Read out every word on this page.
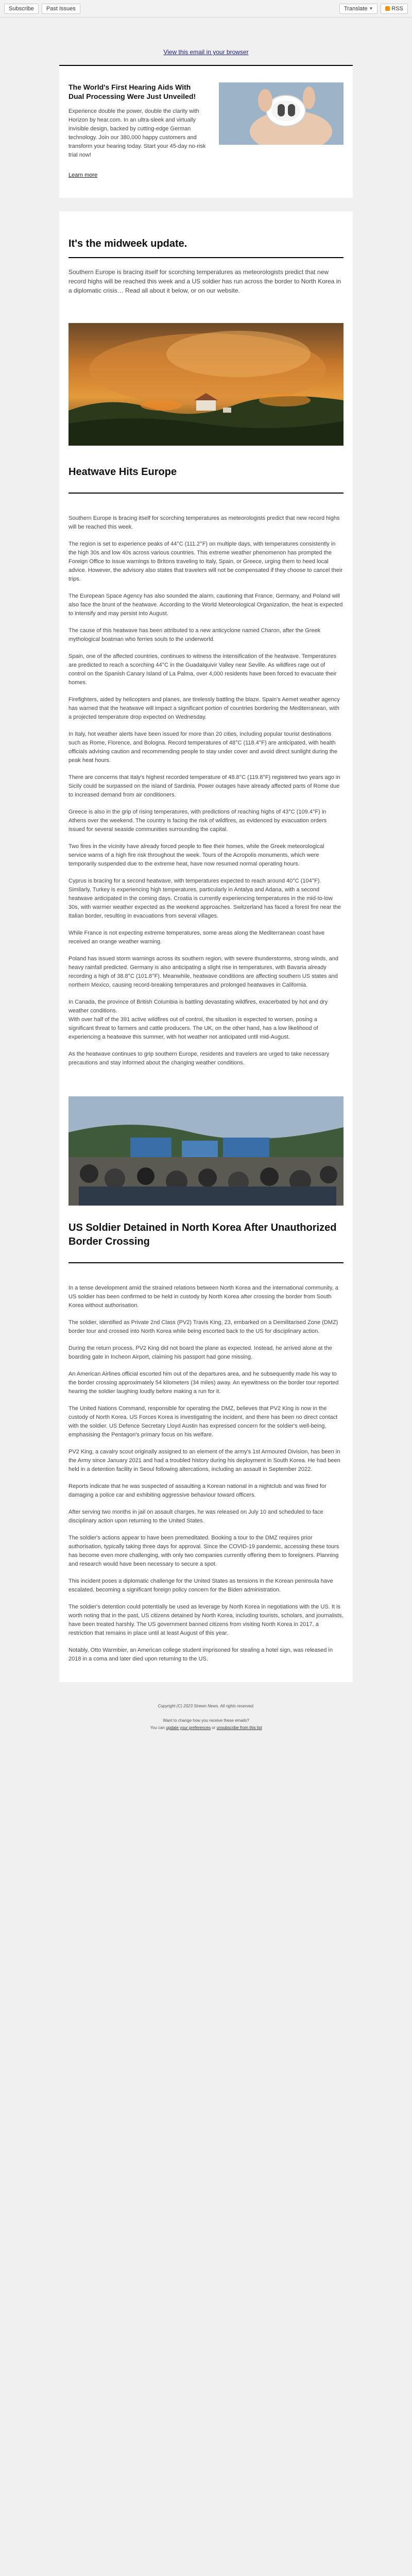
Subscribe	Past Issues	Translate ▼	RSS
View this email in your browser
The World's First Hearing Aids With Dual Processing Were Just Unveiled!
Experience double the power, double the clarity with Horizon by hear.com. In an ultra-sleek and virtually invisible design, backed by cutting-edge German technology. Join our 380,000 happy customers and transform your hearing today. Start your 45-day no-risk trial now!
Learn more
It's the midweek update.
Southern Europe is bracing itself for scorching temperatures as meteorologists predict that new record highs will be reached this week and a US soldier has run across the border to North Korea in a diplomatic crisis… Read all about it below, or on our website.
Heatwave Hits Europe

Southern Europe is bracing itself for scorching temperatures as meteorologists predict that new record highs will be reached this week.

The region is set to experience peaks of 44°C (111.2°F) on multiple days, with temperatures consistently in the high 30s and low 40s across various countries. This extreme weather phenomenon has prompted the Foreign Office to issue warnings to Britons traveling to Italy, Spain, or Greece, urging them to heed local advice. However, the advisory also states that travelers will not be compensated if they choose to cancel their trips.

The European Space Agency has also sounded the alarm, cautioning that France, Germany, and Poland will also face the brunt of the heatwave. According to the World Meteorological Organization, the heat is expected to intensify and may persist into August.

The cause of this heatwave has been attributed to a new anticyclone named Charon, after the Greek mythological boatman who ferries souls to the underworld.

Spain, one of the affected countries, continues to witness the intensification of the heatwave. Temperatures are predicted to reach a scorching 44°C in the Guadalquivir Valley near Seville. As wildfires rage out of control on the Spanish Canary Island of La Palma, over 4,000 residents have been forced to evacuate their homes.

Firefighters, aided by helicopters and planes, are tirelessly battling the blaze. Spain's Aemet weather agency has warned that the heatwave will impact a significant portion of countries bordering the Mediterranean, with a projected temperature drop expected on Wednesday.

In Italy, hot weather alerts have been issued for more than 20 cities, including popular tourist destinations such as Rome, Florence, and Bologna. Record temperatures of 48°C (118.4°F) are anticipated, with health officials advising caution and recommending people to stay under cover and avoid direct sunlight during the peak heat hours.

There are concerns that Italy's highest recorded temperature of 48.8°C (119.8°F) registered two years ago in Sicily could be surpassed on the island of Sardinia. Power outages have already affected parts of Rome due to increased demand from air conditioners.

Greece is also in the grip of rising temperatures, with predictions of reaching highs of 43°C (109.4°F) in Athens over the weekend. The country is facing the risk of wildfires, as evidenced by evacuation orders issued for several seaside communities surrounding the capital.

Two fires in the vicinity have already forced people to flee their homes, while the Greek meteorological service warns of a high fire risk throughout the week. Tours of the Acropolis monuments, which were temporarily suspended due to the extreme heat, have now resumed normal operating hours.

Cyprus is bracing for a second heatwave, with temperatures expected to reach around 40°C (104°F). Similarly, Turkey is experiencing high temperatures, particularly in Antalya and Adana, with a second heatwave anticipated in the coming days. Croatia is currently experiencing temperatures in the mid-to-low 30s, with warmer weather expected as the weekend approaches. Switzerland has faced a forest fire near the Italian border, resulting in evacuations from several villages.

While France is not expecting extreme temperatures, some areas along the Mediterranean coast have received an orange weather warning.

Poland has issued storm warnings across its southern region, with severe thunderstorms, strong winds, and heavy rainfall predicted. Germany is also anticipating a slight rise in temperatures, with Bavaria already recording a high of 38.8°C (101.8°F). Meanwhile, heatwave conditions are affecting southern US states and northern Mexico, causing record-breaking temperatures and prolonged heatwaves in California.

In Canada, the province of British Columbia is battling devastating wildfires, exacerbated by hot and dry weather conditions.
With over half of the 391 active wildfires out of control, the situation is expected to worsen, posing a significant threat to farmers and cattle producers. The UK, on the other hand, has a low likelihood of experiencing a heatwave this summer, with hot weather not anticipated until mid-August.

As the heatwave continues to grip southern Europe, residents and travelers are urged to take necessary precautions and stay informed about the changing weather conditions.

US Soldier Detained in North Korea After Unauthorized Border Crossing

In a tense development amid the strained relations between North Korea and the international community, a US soldier has been confirmed to be held in custody by North Korea after crossing the border from South Korea without authorisation.

The soldier, identified as Private 2nd Class (PV2) Travis King, 23, embarked on a Demilitarised Zone (DMZ) border tour and crossed into North Korea while being escorted back to the US for disciplinary action.

During the return process, PV2 King did not board the plane as expected. Instead, he arrived alone at the boarding gate in Incheon Airport, claiming his passport had gone missing.

An American Airlines official escorted him out of the departures area, and he subsequently made his way to the border crossing approximately 54 kilometers (34 miles) away. An eyewitness on the border tour reported hearing the soldier laughing loudly before making a run for it.

The United Nations Command, responsible for operating the DMZ, believes that PV2 King is now in the custody of North Korea. US Forces Korea is investigating the incident, and there has been no direct contact with the soldier. US Defence Secretary Lloyd Austin has expressed concern for the soldier's well-being, emphasising the Pentagon's primary focus on his welfare.

PV2 King, a cavalry scout originally assigned to an element of the army's 1st Armoured Division, has been in the Army since January 2021 and had a troubled history during his deployment in South Korea. He had been held in a detention facility in Seoul following altercations, including an assault in September 2022.

Reports indicate that he was suspected of assaulting a Korean national in a nightclub and was fined for damaging a police car and exhibiting aggressive behaviour toward officers.

After serving two months in jail on assault charges, he was released on July 10 and scheduled to face disciplinary action upon returning to the United States.

The soldier's actions appear to have been premeditated. Booking a tour to the DMZ requires prior authorisation, typically taking three days for approval. Since the COVID-19 pandemic, accessing these tours has become even more challenging, with only two companies currently offering them to foreigners. Planning and research would have been necessary to secure a spot.

This incident poses a diplomatic challenge for the United States as tensions in the Korean peninsula have escalated, becoming a significant foreign policy concern for the Biden administration.

The soldier's detention could potentially be used as leverage by North Korea in negotiations with the US. It is worth noting that in the past, US citizens detained by North Korea, including tourists, scholars, and journalists, have been treated harshly. The US government banned citizens from visiting North Korea in 2017, a restriction that remains in place until at least August of this year.

Notably, Otto Warmbier, an American college student imprisoned for stealing a hotel sign, was released in 2018 in a coma and later died upon returning to the US.

Copyright (C) 2023 Strewn News. All rights reserved.
Want to change how you receive these emails?
You can update your preferences or unsubscribe from this list
